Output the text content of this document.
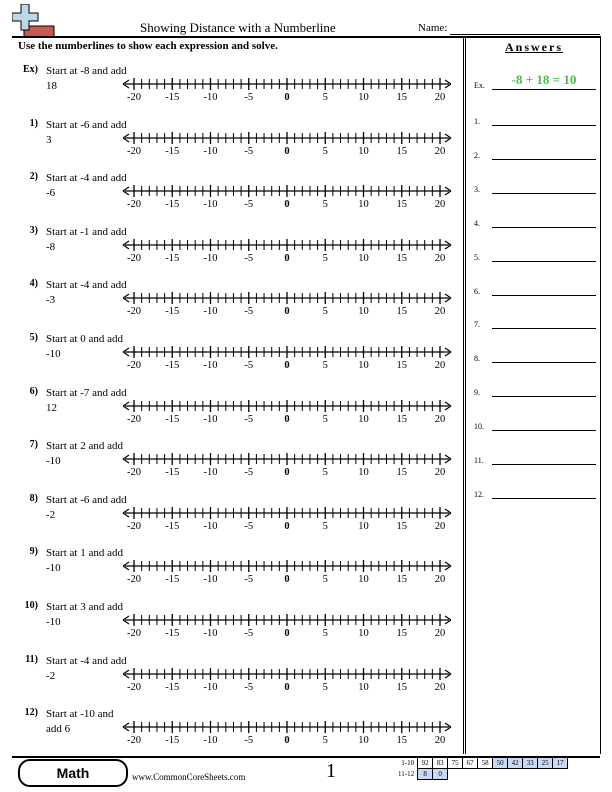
Showing Distance with a Numberline	Name:
Use the numberlines to show each expression and solve.	Answers
Ex) Start at -8 and add 18
-20 -15 -10	-5	0	5	10	15	20
1) Start at -6 and add 3
-20 -15 -10	-5	0	5	10	15	20
2) Start at -4 and add -6
-20 -15 -10	-5	0	5	10	15	20
3) Start at -1 and add -8
-20 -15 -10	-5	0	5	10	15	20
4) Start at -4 and add -3
-20 -15 -10	-5	0	5	10	15	20
5) Start at 0 and add -10
-20 -15 -10	-5	0	5	10	15	20
6) Start at -7 and add 12
-20 -15 -10	-5	0	5	10	15	20
7) Start at 2 and add -10
-20 -15 -10	-5	0	5	10	15	20
8) Start at -6 and add -2
-20 -15 -10	-5	0	5	10	15	20
9) Start at 1 and add -10
-20 -15 -10	-5	0	5	10	15	20
10) Start at 3 and add -10
-20 -15 -10	-5	0	5	10	15	20
11) Start at -4 and add -2
-20 -15 -10	-5	0	5	10	15	20
12) Start at -10 and add 6
-20 -15 -10	-5	0	5	10	15	20
Ex.	-8 + 18 = 10
1.
2.
3.
4.
5.
6.
7.
8.
9.
10.
11.
12.
Math	www.CommonCoreSheets.com	1	1-10	92	83	75	67	58	50	42	33	25	17
11-12	8	0								
